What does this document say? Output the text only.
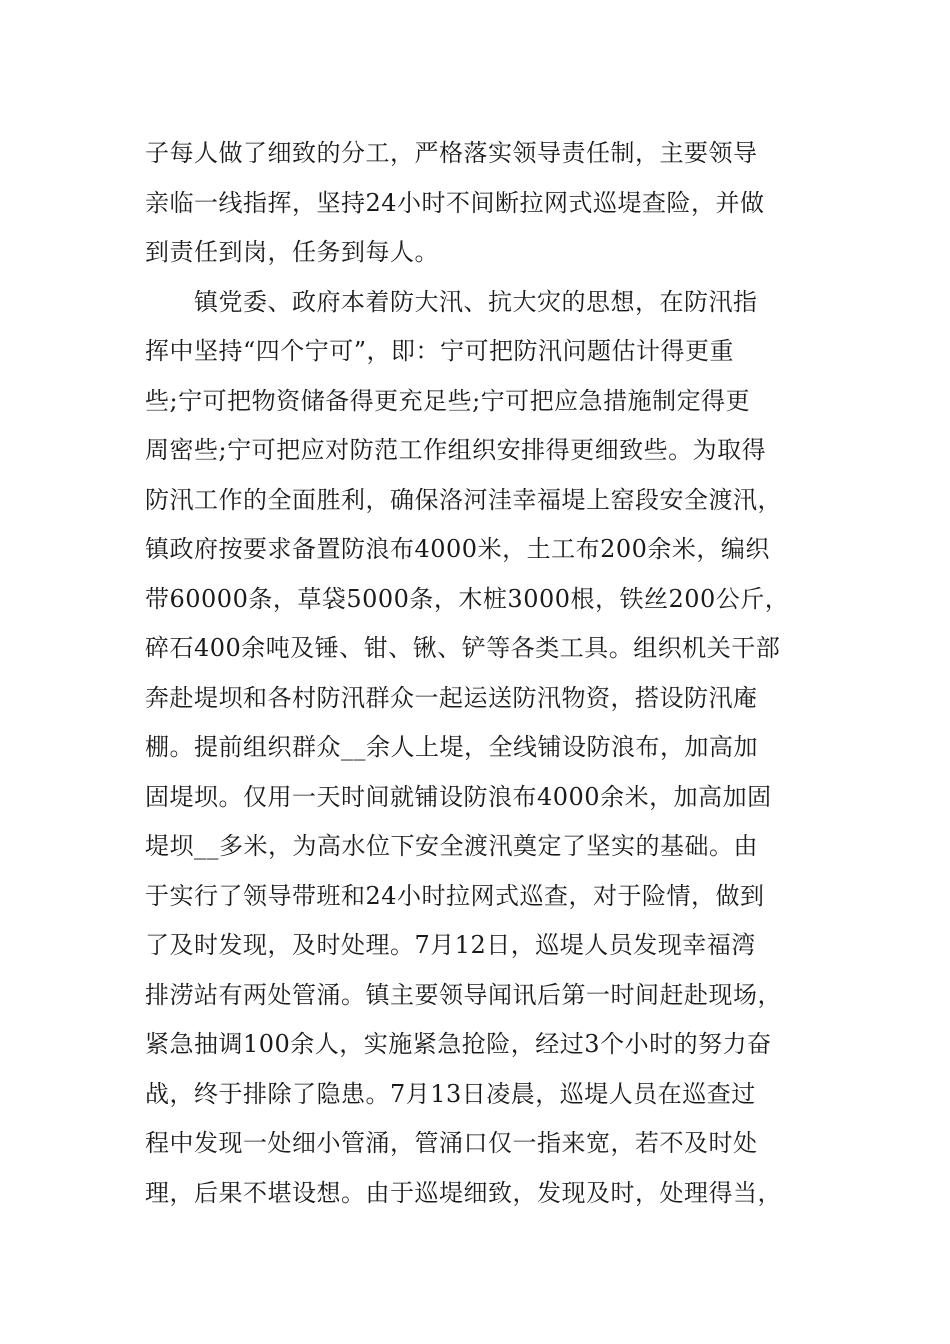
子每人做了细致的分工，严格落实领导责任制，主要领导
亲临一线指挥，坚持24小时不间断拉网式巡堤查险，并做
到责任到岗，任务到每人。
　　镇党委、政府本着防大汛、抗大灾的思想，在防汛指
挥中坚持“四个宁可”，即：宁可把防汛问题估计得更重
些;宁可把物资储备得更充足些;宁可把应急措施制定得更
周密些;宁可把应对防范工作组织安排得更细致些。为取得
防汛工作的全面胜利，确保洛河洼幸福堤上窑段安全渡汛，
镇政府按要求备置防浪布4000米，土工布200余米，编织
带60000条，草袋5000条，木桩3000根，铁丝200公斤，
碎石400余吨及锤、钳、锹、铲等各类工具。组织机关干部
奔赴堤坝和各村防汛群众一起运送防汛物资，搭设防汛庵
棚。提前组织群众__余人上堤，全线铺设防浪布，加高加
固堤坝。仅用一天时间就铺设防浪布4000余米，加高加固
堤坝__多米，为高水位下安全渡汛奠定了坚实的基础。由
于实行了领导带班和24小时拉网式巡查，对于险情，做到
了及时发现，及时处理。7月12日，巡堤人员发现幸福湾
排涝站有两处管涌。镇主要领导闻讯后第一时间赶赴现场，
紧急抽调100余人，实施紧急抢险，经过3个小时的努力奋
战，终于排除了隐患。7月13日凌晨，巡堤人员在巡查过
程中发现一处细小管涌，管涌口仅一指来宽，若不及时处
理，后果不堪设想。由于巡堤细致，发现及时，处理得当，
